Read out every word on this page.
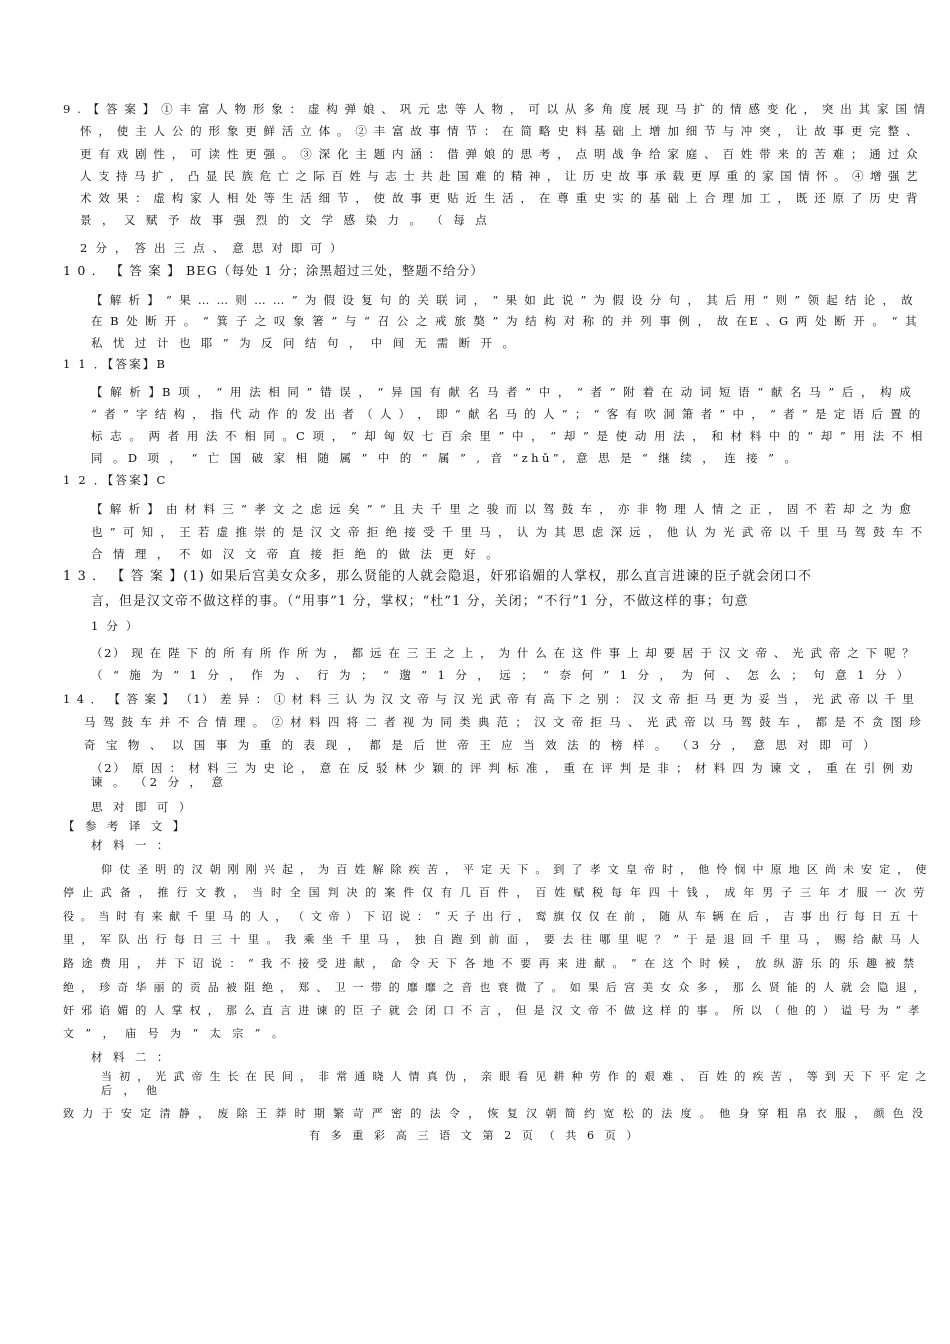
9 . 【 答 案 】 ① 丰 富 人 物 形 象 ： 虚 构 弹 娘 、 巩 元 忠 等 人 物 ， 可 以 从 多 角 度 展 现 马 扩 的 情 感 变 化 ， 突 出 其 家 国 情
怀 ， 使 主 人 公 的 形 象 更 鲜 活 立 体 。 ② 丰 富 故 事 情 节 ： 在 简 略 史 料 基 础 上 增 加 细 节 与 冲 突 ， 让 故 事 更 完 整 、
更 有 戏 剧 性 ， 可 读 性 更 强 。 ③ 深 化 主 题 内 涵 ： 借 弹 娘 的 思 考 ， 点 明 战 争 给 家 庭 、 百 姓 带 来 的 苦 难 ； 通 过 众
人 支 持 马 扩 ， 凸 显 民 族 危 亡 之 际 百 姓 与 志 士 共 赴 国 难 的 精 神 ， 让 历 史 故 事 承 载 更 厚 重 的 家 国 情 怀 。 ④ 增 强 艺
术 效 果 ： 虚 构 家 人 相 处 等 生 活 细 节 ， 使 故 事 更 贴 近 生 活 ， 在 尊 重 史 实 的 基 础 上 合 理 加 工 ， 既 还 原 了 历 史 背
景 ， 又 赋 予 故 事 强 烈 的 文 学 感 染 力 。 （ 每 点
2 分 ， 答 出 三 点 、 意 思 对 即 可 ）
1 0 ． 【 答 案 】 BEG（每处 1 分；涂黑超过三处，整题不给分）
【 解 析 】 “ 果 … … 则 … … ” 为 假 设 复 句 的 关 联 词 ， “ 果 如 此 说 ” 为 假 设 分 句 ， 其 后 用 “ 则 ” 领 起 结 论 ， 故
在 B 处 断 开 。 “ 箕 子 之 叹 象 箸 ” 与 “ 召 公 之 戒 旅 獒 ” 为 结 构 对 称 的 并 列 事 例 ， 故 在E 、G 两 处 断 开 。 “ 其
私 忧 过 计 也 耶 ” 为 反 问 结 句 ， 中 间 无 需 断 开 。
1 1 ．【答案】B
【 解 析 】B 项 ， “ 用 法 相 同 ” 错 误 ， “ 异 国 有 献 名 马 者 ” 中 ， “ 者 ” 附 着 在 动 词 短 语 “ 献 名 马 ” 后 ， 构 成
“ 者 ” 字 结 构 ， 指 代 动 作 的 发 出 者 （ 人 ） ， 即 “ 献 名 马 的 人 ” ； “ 客 有 吹 洞 箫 者 ” 中 ， “ 者 ” 是 定 语 后 置 的
标 志 。 两 者 用 法 不 相 同 。C 项 ， “ 却 匈 奴 七 百 余 里 ” 中 ， “ 却 ” 是 使 动 用 法 ， 和 材 料 中 的 “ 却 ” 用 法 不 相
同 。D 项 ， “ 亡 国 破 家 相 随 属 ” 中 的 “ 属 ” , 音 “zhǔ”, 意 思 是 “ 继 续 ， 连 接 ” 。
1 2 ．【答案】C
【 解 析 】 由 材 料 三 “ 孝 文 之 虑 远 矣 ” “ 且 夫 千 里 之 骏 而 以 驾 鼓 车 ， 亦 非 物 理 人 情 之 正 ， 固 不 若 却 之 为 愈
也 ” 可 知 ， 王 若 虚 推 崇 的 是 汉 文 帝 拒 绝 接 受 千 里 马 ， 认 为 其 思 虑 深 远 ， 他 认 为 光 武 帝 以 千 里 马 驾 鼓 车 不
合 情 理 ， 不 如 汉 文 帝 直 接 拒 绝 的 做 法 更 好 。
1 3 ． 【 答 案 】(1) 如果后宫美女众多，那么贤能的人就会隐退，奸邪谄媚的人掌权，那么直言进谏的臣子就会闭口不
言，但是汉文帝不做这样的事。（“用事”1 分，掌权；“杜”1 分，关闭；“不行”1 分，不做这样的事；句意
1 分 ）
（2） 现 在 陛 下 的 所 有 所 作 所 为 ， 都 远 在 三 王 之 上 ， 为 什 么 在 这 件 事 上 却 要 居 于 汉 文 帝 、 光 武 帝 之 下 呢 ？
（ “ 施 为 ” 1 分 ， 作 为 、 行 为 ； “ 邈 ” 1 分 ， 远 ； “ 奈 何 ” 1 分 ， 为 何 、 怎 么 ； 句 意 1 分 ）
1 4 ． 【 答 案 】 （1） 差 异 ： ① 材 料 三 认 为 汉 文 帝 与 汉 光 武 帝 有 高 下 之 别 ： 汉 文 帝 拒 马 更 为 妥 当 ， 光 武 帝 以 千 里
马 驾 鼓 车 并 不 合 情 理 。 ② 材 料 四 将 二 者 视 为 同 类 典 范 ； 汉 文 帝 拒 马 、 光 武 帝 以 马 驾 鼓 车 ， 都 是 不 贪 图 珍
奇 宝 物 、 以 国 事 为 重 的 表 现 ， 都 是 后 世 帝 王 应 当 效 法 的 榜 样 。 （3 分 ， 意 思 对 即 可 ）
（2） 原 因 ： 材 料 三 为 史 论 ， 意 在 反 驳 林 少 颖 的 评 判 标 准 ， 重 在 评 判 是 非 ； 材 料 四 为 谏 文 ， 重 在 引 例 劝
谏 。 （2 分 ， 意
思 对 即 可 ）
【 参 考 译 文 】
材 料 一 ：
仰 仗 圣 明 的 汉 朝 刚 刚 兴 起 ， 为 百 姓 解 除 疾 苦 ， 平 定 天 下 。 到 了 孝 文 皇 帝 时 ， 他 怜 悯 中 原 地 区 尚 未 安 定 ， 使
停 止 武 备 ， 推 行 文 教 ， 当 时 全 国 判 决 的 案 件 仅 有 几 百 件 ， 百 姓 赋 税 每 年 四 十 钱 ， 成 年 男 子 三 年 才 服 一 次 劳
役 。 当 时 有 来 献 千 里 马 的 人 ， （ 文 帝 ） 下 诏 说 ： “ 天 子 出 行 ， 鸾 旗 仅 仅 在 前 ， 随 从 车 辆 在 后 ， 吉 事 出 行 每 日 五 十
里 ， 军 队 出 行 每 日 三 十 里 。 我 乘 坐 千 里 马 ， 独 自 跑 到 前 面 ， 要 去 往 哪 里 呢 ？ ” 于 是 退 回 千 里 马 ， 赐 给 献 马 人
路 途 费 用 ， 并 下 诏 说 ： “ 我 不 接 受 进 献 ， 命 令 天 下 各 地 不 要 再 来 进 献 。 ” 在 这 个 时 候 ， 放 纵 游 乐 的 乐 趣 被 禁
绝 ， 珍 奇 华 丽 的 贡 品 被 阻 绝 ， 郑 、 卫 一 带 的 靡 靡 之 音 也 衰 微 了 。 如 果 后 宫 美 女 众 多 ， 那 么 贤 能 的 人 就 会 隐 退 ，
奸 邪 谄 媚 的 人 掌 权 ， 那 么 直 言 进 谏 的 臣 子 就 会 闭 口 不 言 ， 但 是 汉 文 帝 不 做 这 样 的 事 。 所 以 （ 他 的 ） 谥 号 为 “ 孝
文 ” ， 庙 号 为 “ 太 宗 ” 。
材 料 二 ：
当 初 ， 光 武 帝 生 长 在 民 间 ， 非 常 通 晓 人 情 真 伪 ， 亲 眼 看 见 耕 种 劳 作 的 艰 难 、 百 姓 的 疾 苦 ， 等 到 天 下 平 定 之
后 ， 他
致 力 于 安 定 清 静 ， 废 除 王 莽 时 期 繁 苛 严 密 的 法 令 ， 恢 复 汉 朝 简 约 宽 松 的 法 度 。 他 身 穿 粗 帛 衣 服 ， 颜 色 没
有 多 重 彩 高 三 语 文 第 2 页 （ 共 6 页 ）
